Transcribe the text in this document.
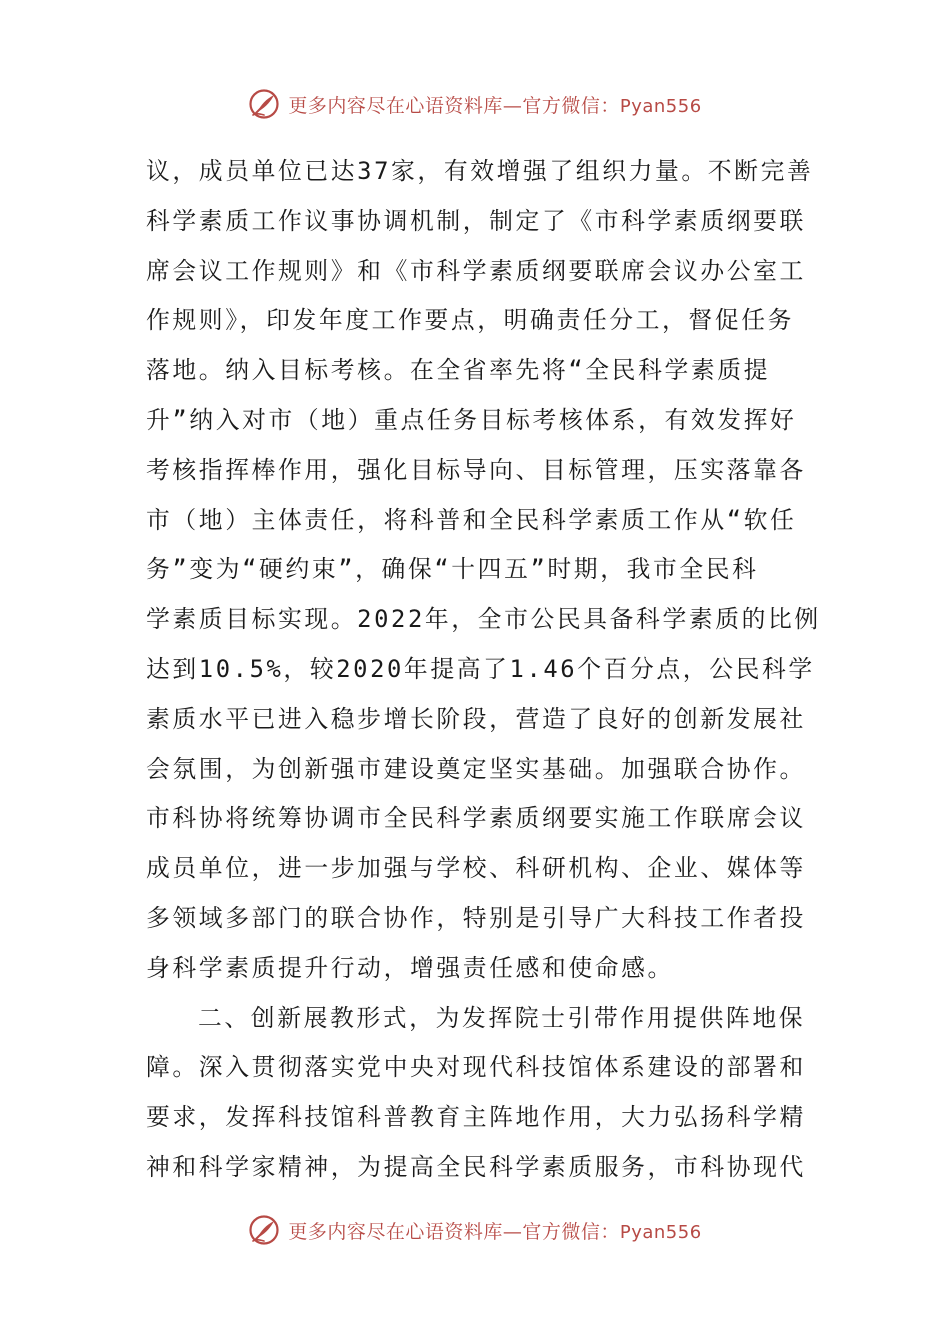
更多内容尽在心语资料库—官方微信：Pyan556
议，成员单位已达37家，有效增强了组织力量。不断完善
科学素质工作议事协调机制，制定了《市科学素质纲要联
席会议工作规则》和《市科学素质纲要联席会议办公室工
作规则》，印发年度工作要点，明确责任分工，督促任务
落地。纳入目标考核。在全省率先将“全民科学素质提
升”纳入对市（地）重点任务目标考核体系，有效发挥好
考核指挥棒作用，强化目标导向、目标管理，压实落靠各
市（地）主体责任，将科普和全民科学素质工作从“软任
务”变为“硬约束”，确保“十四五”时期，我市全民科
学素质目标实现。2022年，全市公民具备科学素质的比例
达到10.5%，较2020年提高了1.46个百分点，公民科学
素质水平已进入稳步增长阶段，营造了良好的创新发展社
会氛围，为创新强市建设奠定坚实基础。加强联合协作。
市科协将统筹协调市全民科学素质纲要实施工作联席会议
成员单位，进一步加强与学校、科研机构、企业、媒体等
多领域多部门的联合协作，特别是引导广大科技工作者投
身科学素质提升行动，增强责任感和使命感。
二、创新展教形式，为发挥院士引带作用提供阵地保
障。深入贯彻落实党中央对现代科技馆体系建设的部署和
要求，发挥科技馆科普教育主阵地作用，大力弘扬科学精
神和科学家精神，为提高全民科学素质服务，市科协现代
更多内容尽在心语资料库—官方微信：Pyan556
